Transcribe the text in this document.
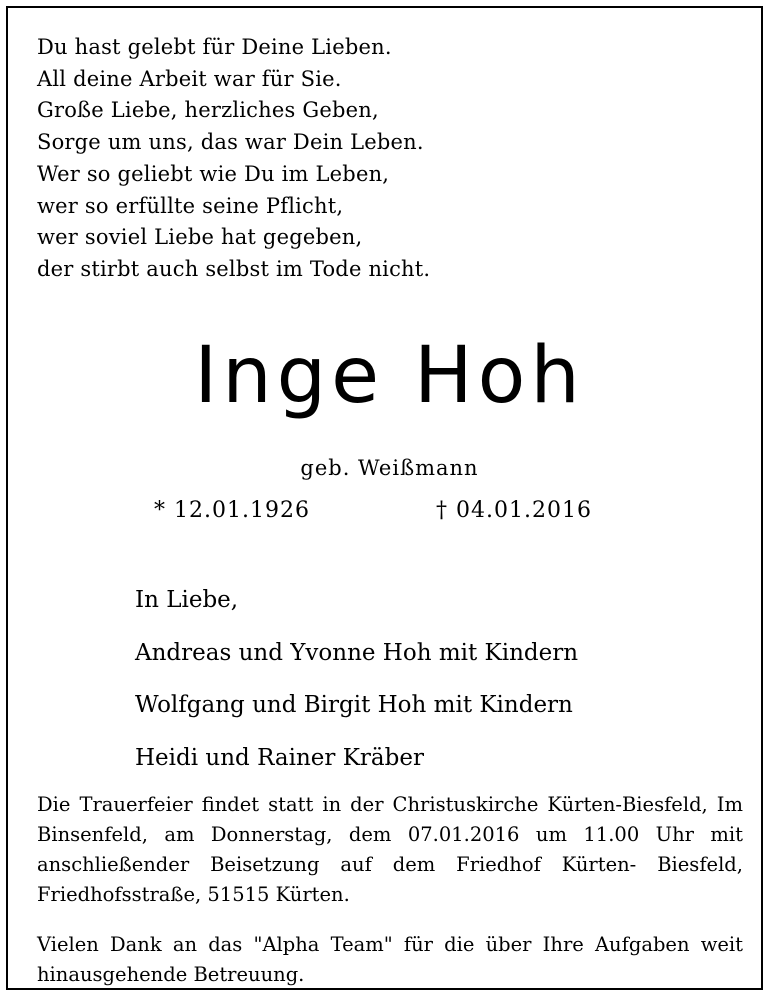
Du hast gelebt für Deine Lieben.
All deine Arbeit war für Sie.
Große Liebe, herzliches Geben,
Sorge um uns, das war Dein Leben.
Wer so geliebt wie Du im Leben,
wer so erfüllte seine Pflicht,
wer soviel Liebe hat gegeben,
der stirbt auch selbst im Tode nicht.
Inge Hoh
geb. Weißmann
* 12.01.1926	† 04.01.2016
In Liebe,
Andreas und Yvonne Hoh mit Kindern
Wolfgang und Birgit Hoh mit Kindern
Heidi und Rainer Kräber
Die Trauerfeier findet statt in der Christuskirche Kürten-Biesfeld, Im Binsenfeld, am Donnerstag, dem 07.01.2016 um 11.00 Uhr mit anschließender Beisetzung auf dem Friedhof Kürten- Biesfeld, Friedhofsstraße, 51515 Kürten.
Vielen Dank an das "Alpha Team" für die über Ihre Aufgaben weit hinausgehende Betreuung.
